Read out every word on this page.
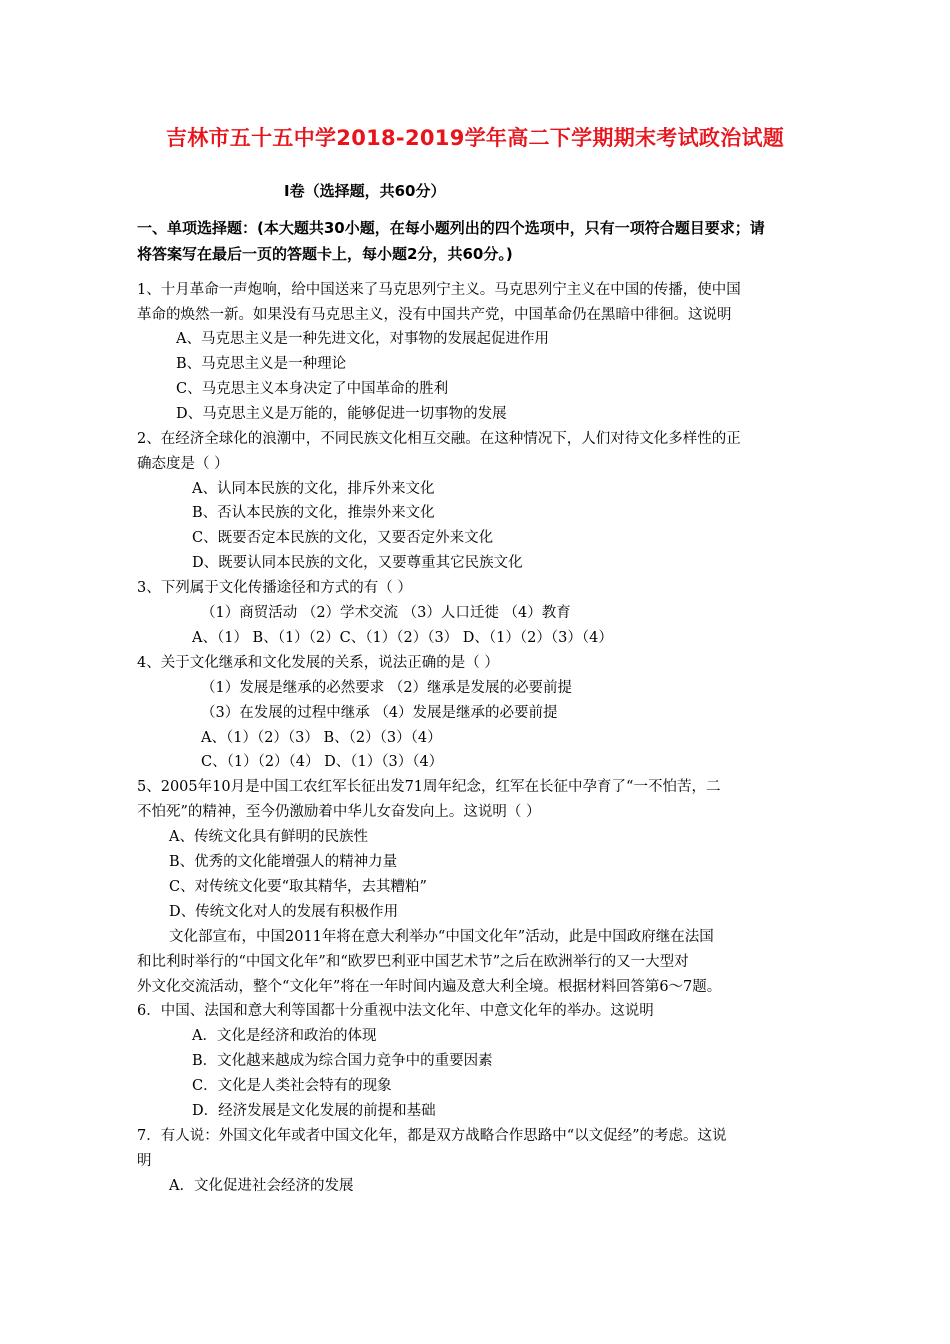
吉林市五十五中学2018-2019学年高二下学期期末考试政治试题
Ⅰ卷（选择题，共60分）
一、单项选择题：(本大题共30小题，在每小题列出的四个选项中，只有一项符合题目要求；请
将答案写在最后一页的答题卡上，每小题2分，共60分。)
1、十月革命一声炮响，给中国送来了马克思列宁主义。马克思列宁主义在中国的传播，使中国
革命的焕然一新。如果没有马克思主义，没有中国共产党，中国革命仍在黑暗中徘徊。这说明
A、马克思主义是一种先进文化，对事物的发展起促进作用
B、马克思主义是一种理论
C、马克思主义本身决定了中国革命的胜利
D、马克思主义是万能的，能够促进一切事物的发展
2、在经济全球化的浪潮中，不同民族文化相互交融。在这种情况下，人们对待文化多样性的正
确态度是（ ）
A、认同本民族的文化，排斥外来文化
B、否认本民族的文化，推崇外来文化
C、既要否定本民族的文化，又要否定外来文化
D、既要认同本民族的文化，又要尊重其它民族文化
3、下列属于文化传播途径和方式的有（ ）
（1）商贸活动 （2）学术交流 （3）人口迁徙 （4）教育
A、（1） B、（1）（2）C、（1）（2）（3） D、（1）（2）（3）（4）
4、关于文化继承和文化发展的关系，说法正确的是（ ）
（1）发展是继承的必然要求 （2）继承是发展的必要前提
（3）在发展的过程中继承 （4）发展是继承的必要前提
A、（1）（2）（3） B、（2）（3）（4）
C、（1）（2）（4） D、（1）（3）（4）
5、2005年10月是中国工农红军长征出发71周年纪念，红军在长征中孕育了“一不怕苦，二
不怕死”的精神，至今仍激励着中华儿女奋发向上。这说明（ ）
A、传统文化具有鲜明的民族性
B、优秀的文化能增强人的精神力量
C、对传统文化要“取其精华，去其糟粕”
D、传统文化对人的发展有积极作用
文化部宣布，中国2011年将在意大利举办“中国文化年”活动，此是中国政府继在法国
和比利时举行的“中国文化年”和“欧罗巴利亚中国艺术节”之后在欧洲举行的又一大型对
外文化交流活动，整个“文化年”将在一年时间内遍及意大利全境。根据材料回答第6～7题。
6．中国、法国和意大利等国都十分重视中法文化年、中意文化年的举办。这说明
A．文化是经济和政治的体现
B．文化越来越成为综合国力竞争中的重要因素
C．文化是人类社会特有的现象
D．经济发展是文化发展的前提和基础
7．有人说：外国文化年或者中国文化年，都是双方战略合作思路中“以文促经”的考虑。这说
明
A．文化促进社会经济的发展
